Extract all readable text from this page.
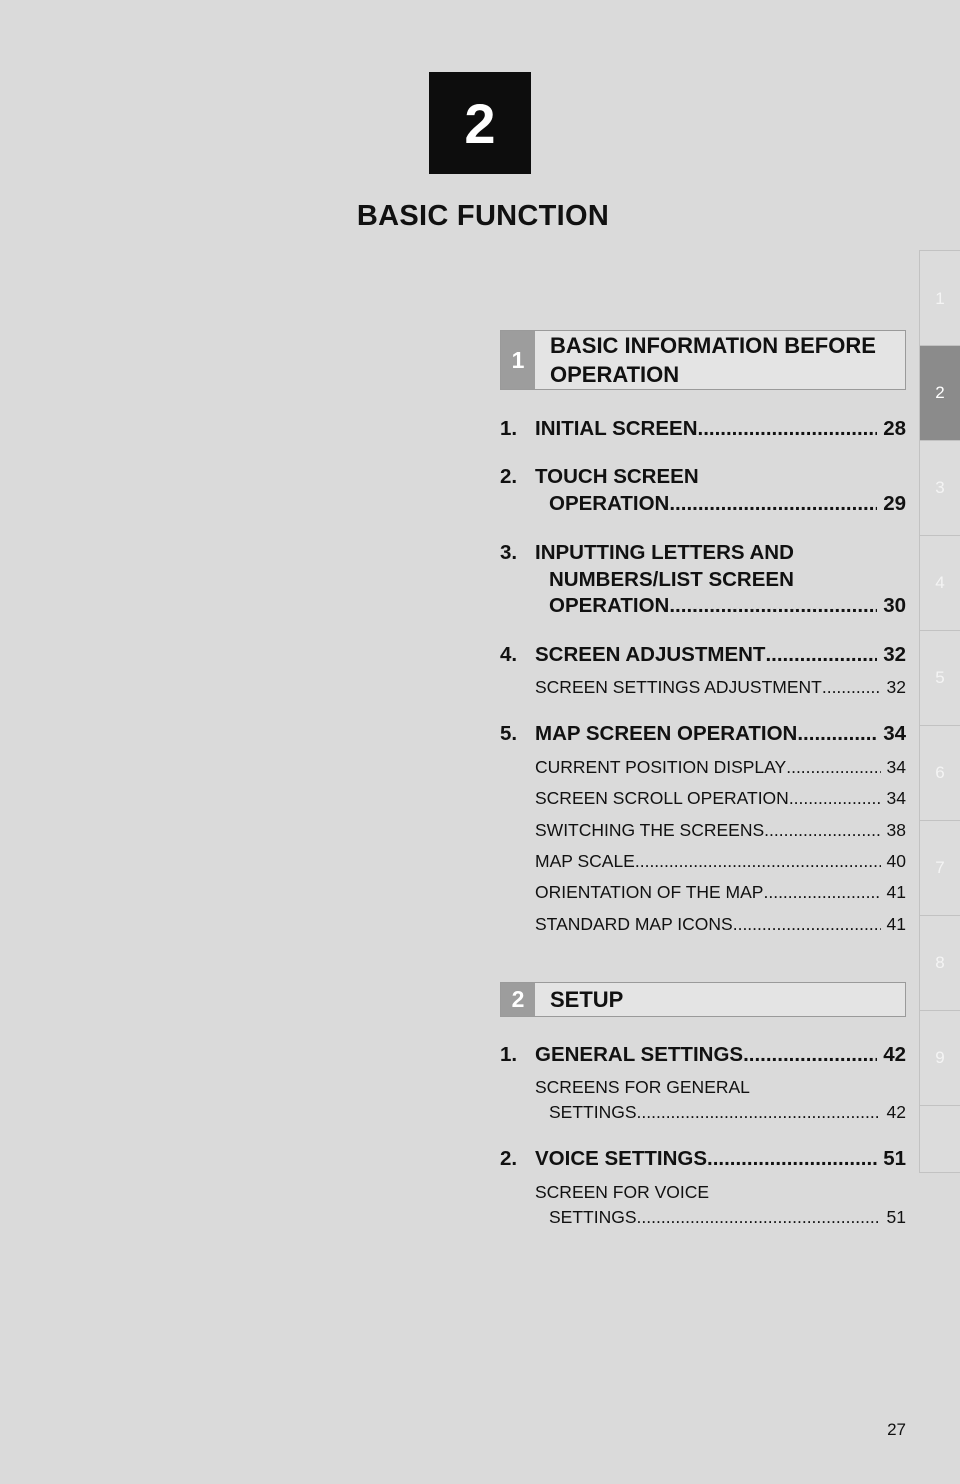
2
BASIC FUNCTION
1
2
3
4
5
6
7
8
9
1
BASIC INFORMATION BEFORE
OPERATION
1. INITIAL SCREEN .....	28
2. TOUCH SCREEN
OPERATION .....	29
3. INPUTTING LETTERS AND
NUMBERS/LIST SCREEN
OPERATION .....	30
4. SCREEN ADJUSTMENT .....	32
SCREEN SETTINGS ADJUSTMENT .....	32
5. MAP SCREEN OPERATION .....	34
CURRENT POSITION DISPLAY .....	34
SCREEN SCROLL OPERATION .....	34
SWITCHING THE SCREENS .....	38
MAP SCALE .....	40
ORIENTATION OF THE MAP .....	41
STANDARD MAP ICONS .....	41
2	SETUP
1. GENERAL SETTINGS .....	42
SCREENS FOR GENERAL
SETTINGS .....	42
2. VOICE SETTINGS .....	51
SCREEN FOR VOICE
SETTINGS .....	51
27
